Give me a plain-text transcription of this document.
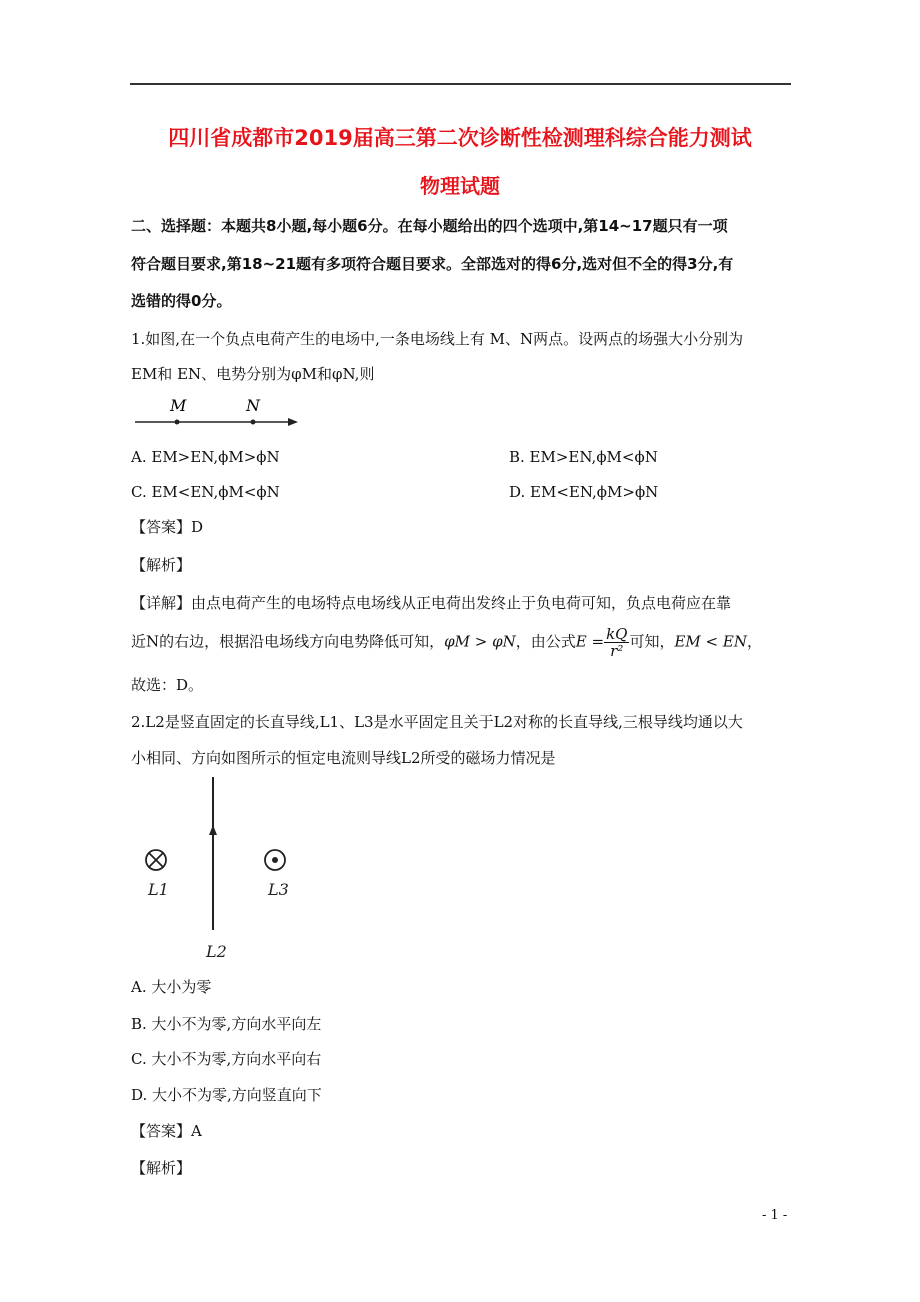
四川省成都市2019届高三第二次诊断性检测理科综合能力测试
物理试题
二、选择题：本题共8小题,每小题6分。在每小题给出的四个选项中,第14~17题只有一项
符合题目要求,第18~21题有多项符合题目要求。全部选对的得6分,选对但不全的得3分,有
选错的得0分。
1.如图,在一个负点电荷产生的电场中,一条电场线上有 M、N两点。设两点的场强大小分别为
EM和 EN、电势分别为φM和φN,则
M	N
A. EM>EN,ϕM>ϕN	B. EM>EN,ϕM<ϕN
C. EM<EN,ϕM<ϕN	D. EM<EN,ϕM>ϕN
【答案】D
【解析】
【详解】由点电荷产生的电场特点电场线从正电荷出发终止于负电荷可知，负点电荷应在靠
近N的右边，根据沿电场线方向电势降低可知，φM > φN，由公式$E = \frac{kQ}{\text{r²}}$ 可知，EM < EN，
故选：D。
2.L2是竖直固定的长直导线,L1、L3是水平固定且关于L2对称的长直导线,三根导线均通以大
小相同、方向如图所示的恒定电流则导线L2所受的磁场力情况是
L1	L3
L2
A. 大小为零
B. 大小不为零,方向水平向左
C. 大小不为零,方向水平向右
D. 大小不为零,方向竖直向下
【答案】A
【解析】
- 1 -
